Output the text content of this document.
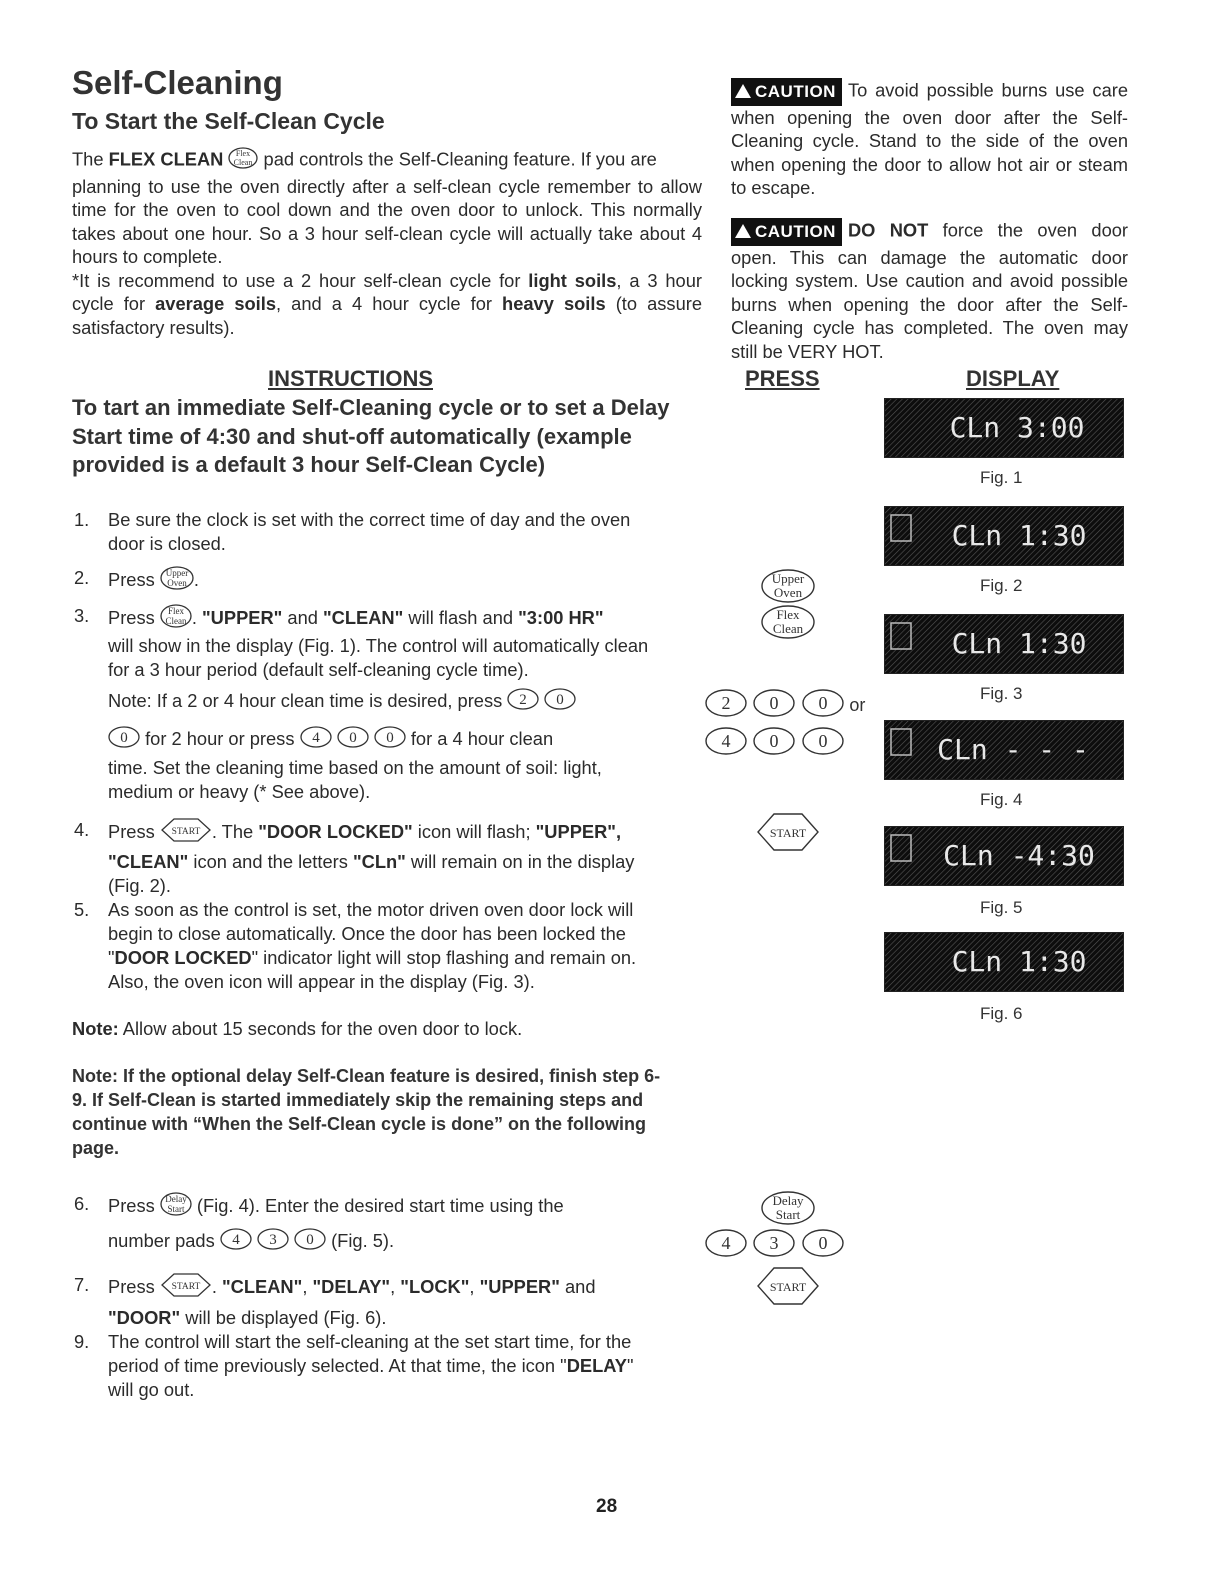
Self-Cleaning
To Start the Self-Clean Cycle
The FLEX CLEAN Flex
Clean pad controls the Self-Cleaning feature. If you are
planning to use the oven directly after a self-clean cycle remember to allow time for the oven to cool down and the oven door to unlock. This normally takes about one hour. So a 3 hour self-clean cycle will actually take about 4 hours to complete.
*It is recommend to use a 2 hour self-clean cycle for light soils, a 3 hour cycle for average soils, and a 4 hour cycle for heavy soils (to assure satisfactory results).
INSTRUCTIONS
To tart an immediate Self-Cleaning cycle or to set a Delay Start time of 4:30 and shut-off automatically (example provided is a default 3 hour Self-Clean Cycle)
1. Be sure the clock is set with the correct time of day and the oven door is closed.
2. Press Upper
Oven .
3. Press Flex
Clean . "UPPER" and "CLEAN" will flash and "3:00 HR"
will show in the display (Fig. 1). The control will automatically clean for a 3 hour period (default self-cleaning cycle time).
Note: If a 2 or 4 hour clean time is desired, press 2
0
0 for 2 hour or press 4
0
0 for a 4 hour clean
time. Set the cleaning time based on the amount of soil: light, medium or heavy (* See above).
4. Press START . The "DOOR LOCKED" icon will flash; "UPPER",
"CLEAN" icon and the letters "CLn" will remain on in the display (Fig. 2).
5. As soon as the control is set, the motor driven oven door lock will begin to close automatically. Once the door has been locked the "DOOR LOCKED" indicator light will stop flashing and remain on. Also, the oven icon will appear in the display (Fig. 3).
Note: Allow about 15 seconds for the oven door to lock.
Note: If the optional delay Self-Clean feature is desired, finish step 6-9. If Self-Clean is started immediately skip the remaining steps and continue with “When the Self-Clean cycle is done” on the following page.
6. Press Delay
Start (Fig. 4). Enter the desired start time using the
number pads 4
3
0 (Fig. 5).
7. Press START . "CLEAN", "DELAY", "LOCK", "UPPER" and
"DOOR" will be displayed (Fig. 6).
9. The control will start the self-cleaning at the set start time, for the period of time previously selected. At that time, the icon "DELAY" will go out.
CAUTION To avoid possible burns use care when opening the oven door after the Self-Cleaning cycle. Stand to the side of the oven when opening the door to allow hot air or steam to escape.
CAUTION DO NOT force the oven door open. This can damage the automatic door locking system. Use caution and avoid possible burns when opening the door after the Self-Cleaning cycle has completed. The oven may still be VERY HOT.
PRESS	DISPLAY
Upper
Oven
Flex
Clean
2
0
0 or
4
0
0
START
Delay
Start
4
3
0
START
CLn 3:00
Fig. 1
CLn 1:30
Fig. 2
CLn 1:30
Fig. 3
CLn - - -
Fig. 4
CLn -4:30
Fig. 5
CLn 1:30
Fig. 6
28
